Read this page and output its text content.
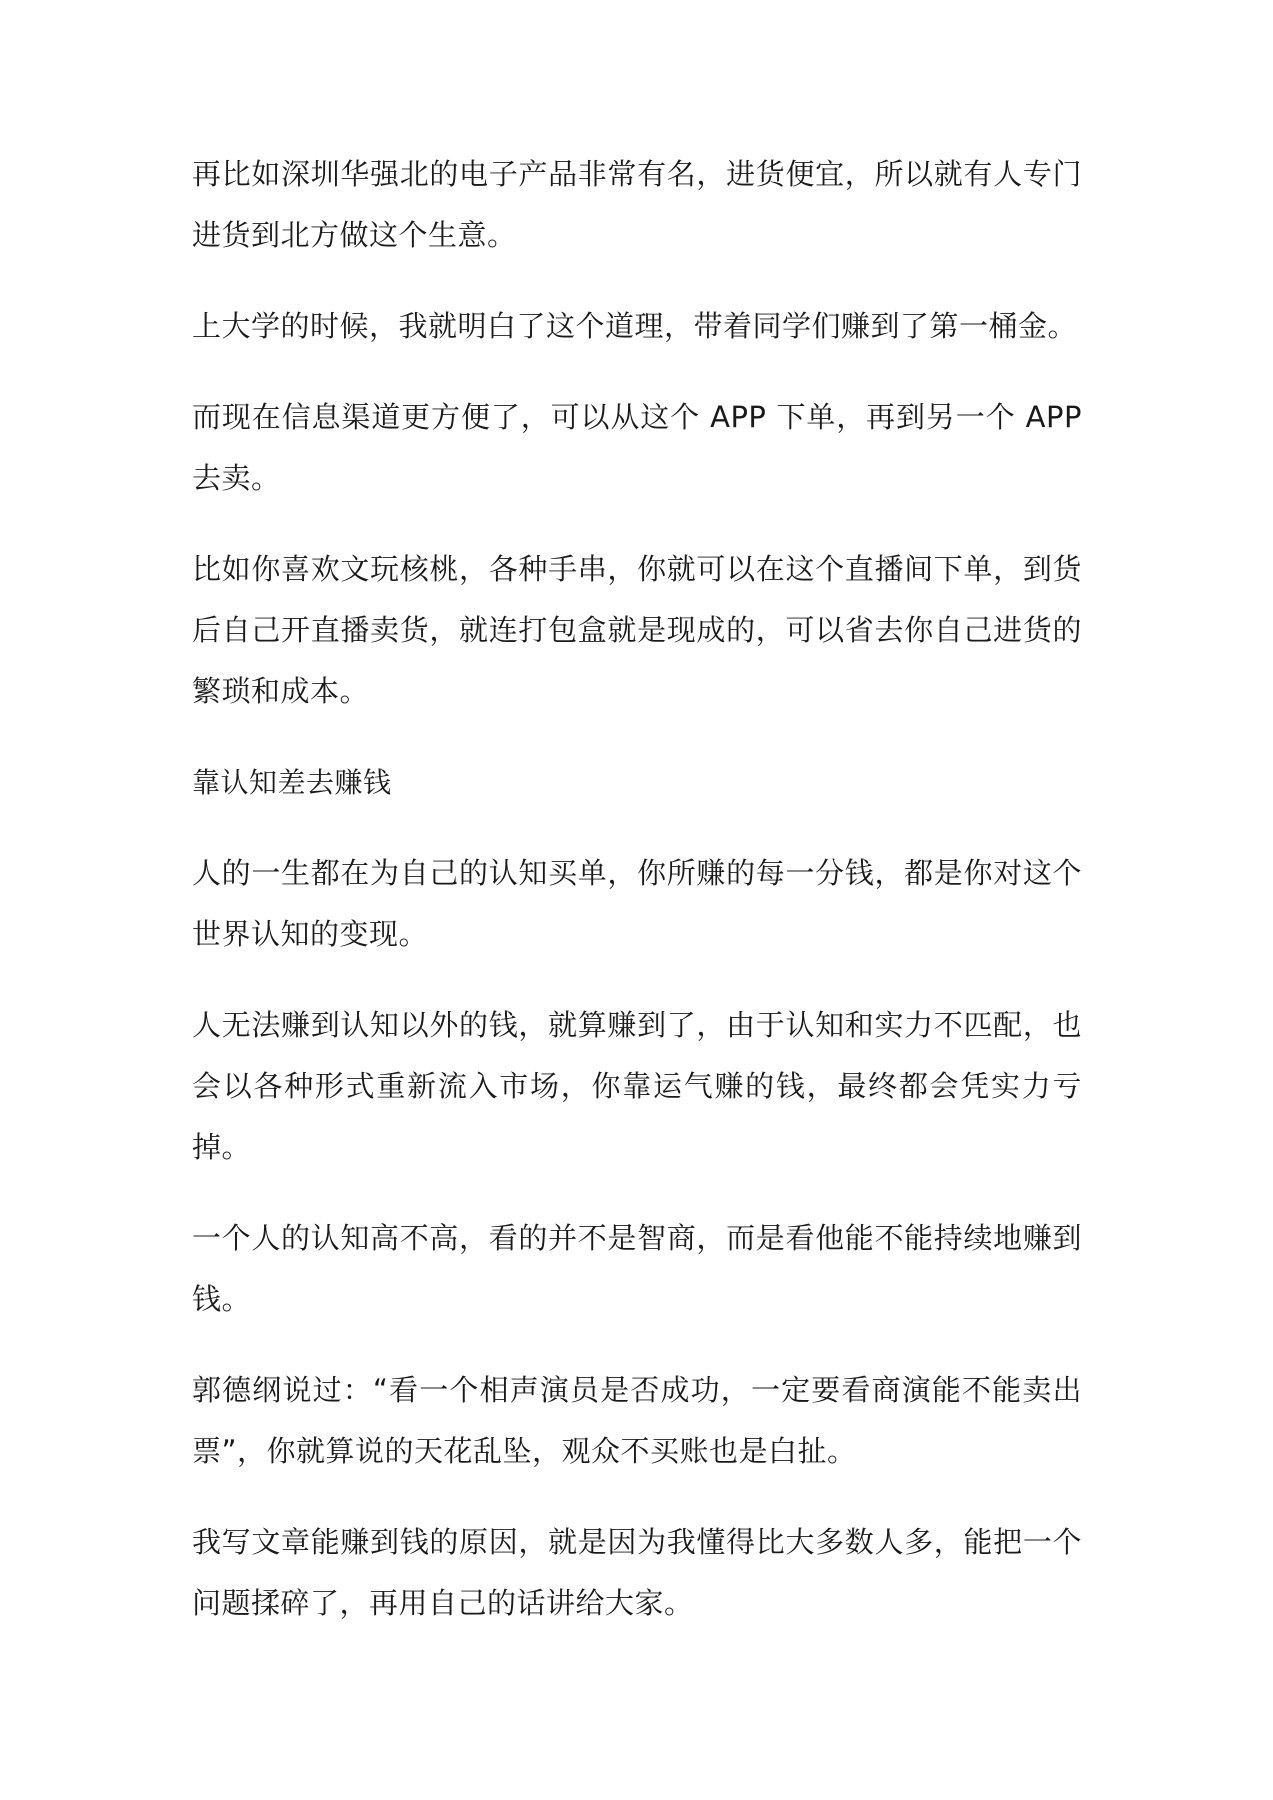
再比如深圳华强北的电子产品非常有名，进货便宜，所以就有人专门进货到北方做这个生意。

上大学的时候，我就明白了这个道理，带着同学们赚到了第一桶金。

而现在信息渠道更方便了，可以从这个 APP 下单，再到另一个 APP 去卖。

比如你喜欢文玩核桃，各种手串，你就可以在这个直播间下单，到货后自己开直播卖货，就连打包盒就是现成的，可以省去你自己进货的繁琐和成本。

靠认知差去赚钱

人的一生都在为自己的认知买单，你所赚的每一分钱，都是你对这个世界认知的变现。

人无法赚到认知以外的钱，就算赚到了，由于认知和实力不匹配，也会以各种形式重新流入市场，你靠运气赚的钱，最终都会凭实力亏掉。

一个人的认知高不高，看的并不是智商，而是看他能不能持续地赚到钱。

郭德纲说过：“看一个相声演员是否成功，一定要看商演能不能卖出票”，你就算说的天花乱坠，观众不买账也是白扯。

我写文章能赚到钱的原因，就是因为我懂得比大多数人多，能把一个问题揉碎了，再用自己的话讲给大家。
